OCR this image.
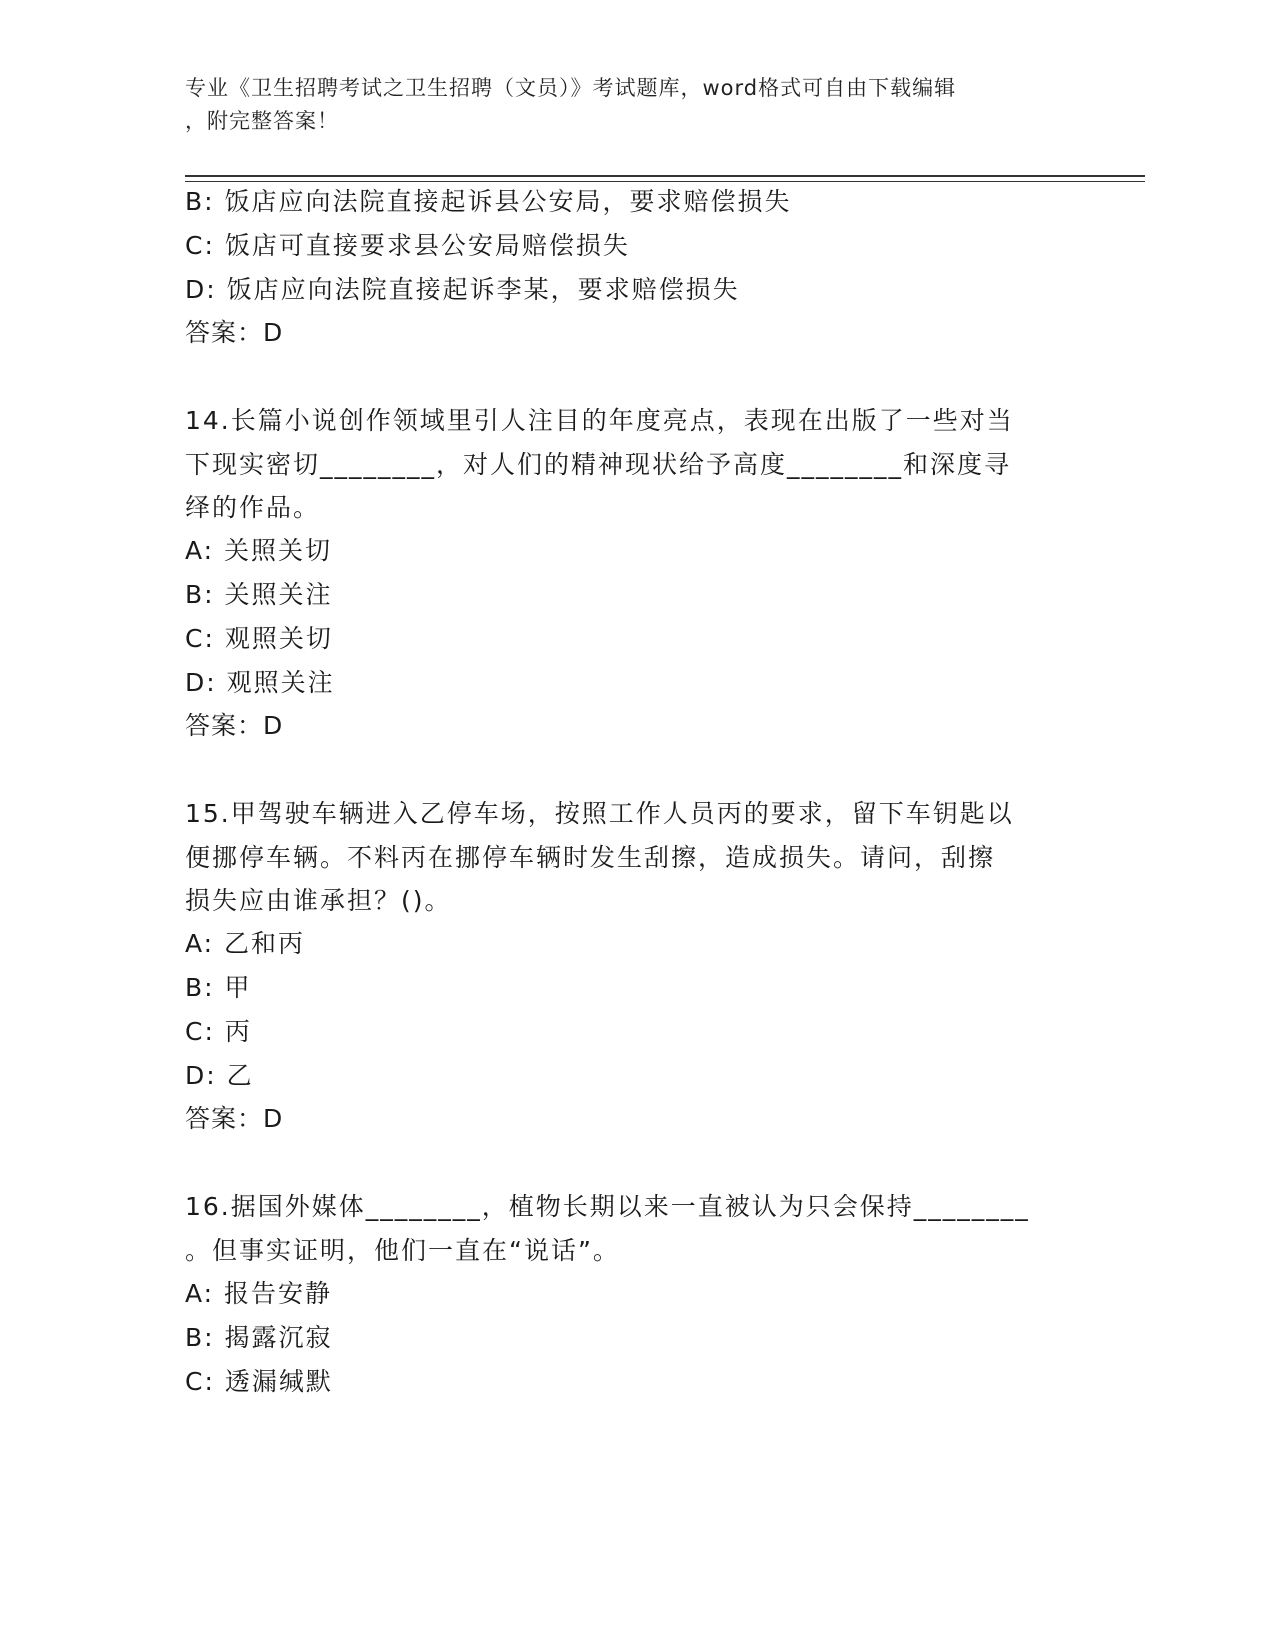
专业《卫生招聘考试之卫生招聘（文员）》考试题库，word格式可自由下载编辑
，附完整答案！
B: 饭店应向法院直接起诉县公安局，要求赔偿损失
C: 饭店可直接要求县公安局赔偿损失
D: 饭店应向法院直接起诉李某，要求赔偿损失
答案：D
14.长篇小说创作领域里引人注目的年度亮点，表现在出版了一些对当
下现实密切________，对人们的精神现状给予高度________和深度寻
绎的作品。
A: 关照关切
B: 关照关注
C: 观照关切
D: 观照关注
答案：D
15.甲驾驶车辆进入乙停车场，按照工作人员丙的要求，留下车钥匙以
便挪停车辆。不料丙在挪停车辆时发生刮擦，造成损失。请问，刮擦
损失应由谁承担？()。
A: 乙和丙
B: 甲
C: 丙
D: 乙
答案：D
16.据国外媒体________，植物长期以来一直被认为只会保持________
。但事实证明，他们一直在“说话”。
A: 报告安静
B: 揭露沉寂
C: 透漏缄默
